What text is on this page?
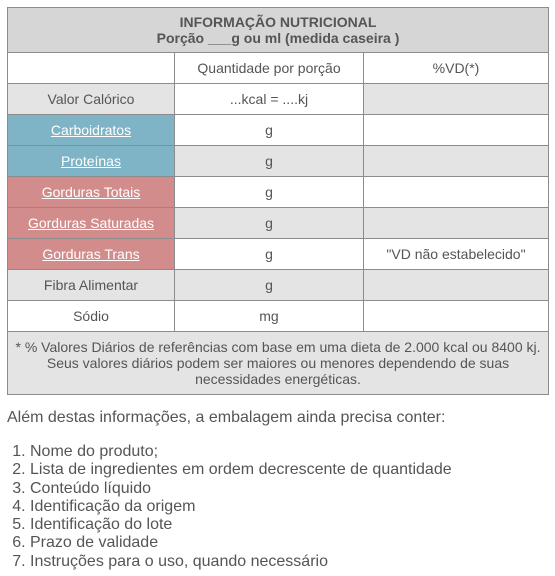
INFORMAÇÃO NUTRICIONAL
Porção ___g ou ml (medida caseira )		
	Quantidade por porção	%VD(*)
Valor Calórico	...kcal = ....kj	
Carboidratos	g	
Proteínas	g	
Gorduras Totais	g	
Gorduras Saturadas	g	
Gorduras Trans	g	"VD não estabelecido"
Fibra Alimentar	g	
Sódio	mg	
* % Valores Diários de referências com base em uma dieta de 2.000 kcal ou 8400 kj. Seus valores diários podem ser maiores ou menores dependendo de suas necessidades energéticas.		

Além destas informações, a embalagem ainda precisa conter:

1. Nome do produto;
2. Lista de ingredientes em ordem decrescente de quantidade
3. Conteúdo líquido
4. Identificação da origem
5. Identificação do lote
6. Prazo de validade
7. Instruções para o uso, quando necessário
